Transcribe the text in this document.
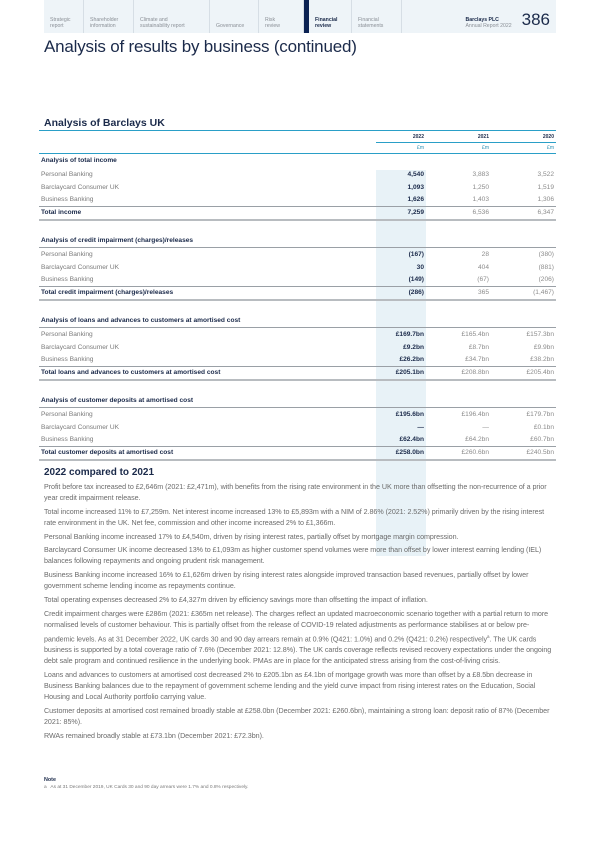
Strategic
report
Shareholder
information
Climate and
sustainability report	Governance
Risk
review
Financial
review
Financial
statements
Barclays PLC
Annual Report 2022 386
Analysis of results by business (continued)
Analysis of Barclays UK
	2022		2021		2020
	£m		£m		£m
Analysis of total income					
Personal Banking	4,540		3,883		3,522
Barclaycard Consumer UK	1,093		1,250		1,519
Business Banking	1,626		1,403		1,306
Total income	7,259		6,536		6,347

Analysis of credit impairment (charges)/releases					
Personal Banking	(167)		28		(380)
Barclaycard Consumer UK	30		404		(881)
Business Banking	(149)		(67)		(206)
Total credit impairment (charges)/releases	(286)		365		(1,467)

Analysis of loans and advances to customers at amortised cost					
Personal Banking	£169.7bn		£165.4bn		£157.3bn
Barclaycard Consumer UK	£9.2bn		£8.7bn		£9.9bn
Business Banking	£26.2bn		£34.7bn		£38.2bn
Total loans and advances to customers at amortised cost	£205.1bn		£208.8bn		£205.4bn

Analysis of customer deposits at amortised cost					
Personal Banking	£195.6bn		£196.4bn		£179.7bn
Barclaycard Consumer UK	—		—		£0.1bn
Business Banking	£62.4bn		£64.2bn		£60.7bn
Total customer deposits at amortised cost	£258.0bn		£260.6bn		£240.5bn
2022 compared to 2021

Profit before tax increased to £2,646m (2021: £2,471m), with benefits from the rising rate environment in the UK more than offsetting the non-recurrence of a prior year credit impairment release.

Total income increased 11% to £7,259m. Net interest income increased 13% to £5,893m with a NIM of 2.86% (2021: 2.52%) primarily driven by the rising interest rate environment in the UK. Net fee, commission and other income increased 2% to £1,366m.

Personal Banking income increased 17% to £4,540m, driven by rising interest rates, partially offset by mortgage margin compression.

Barclaycard Consumer UK income decreased 13% to £1,093m as higher customer spend volumes were more than offset by lower interest earning lending (IEL) balances following repayments and ongoing prudent risk management.

Business Banking income increased 16% to £1,626m driven by rising interest rates alongside improved transaction based revenues, partially offset by lower government scheme lending income as repayments continue.

Total operating expenses decreased 2% to £4,327m driven by efficiency savings more than offsetting the impact of inflation.

Credit impairment charges were £286m (2021: £365m net release). The charges reflect an updated macroeconomic scenario together with a partial return to more normalised levels of customer behaviour. This is partially offset from the release of COVID-19 related adjustments as performance stabilises at or below pre-pandemic levels. As at 31 December 2022, UK cards 30 and 90 day arrears remain at 0.9% (Q421: 1.0%) and 0.2% (Q421: 0.2%) respectively$^a$. The UK cards business is supported by a total coverage ratio of 7.6% (December 2021: 12.8%). The UK cards coverage reflects revised recovery expectations under the ongoing debt sale program and continued resilience in the underlying book. PMAs are in place for the anticipated stress arising from the cost-of-living crisis.

Loans and advances to customers at amortised cost decreased 2% to £205.1bn as £4.1bn of mortgage growth was more than offset by a £8.5bn decrease in Business Banking balances due to the repayment of government scheme lending and the yield curve impact from rising interest rates on the Education, Social Housing and Local Authority portfolio carrying value.

Customer deposits at amortised cost remained broadly stable at £258.0bn (December 2021: £260.6bn), maintaining a strong loan: deposit ratio of 87% (December 2021: 85%).

RWAs remained broadly stable at £73.1bn (December 2021: £72.3bn).

Note
a As at 31 December 2019, UK Cards 30 and 90 day arrears were 1.7% and 0.8% respectively.
